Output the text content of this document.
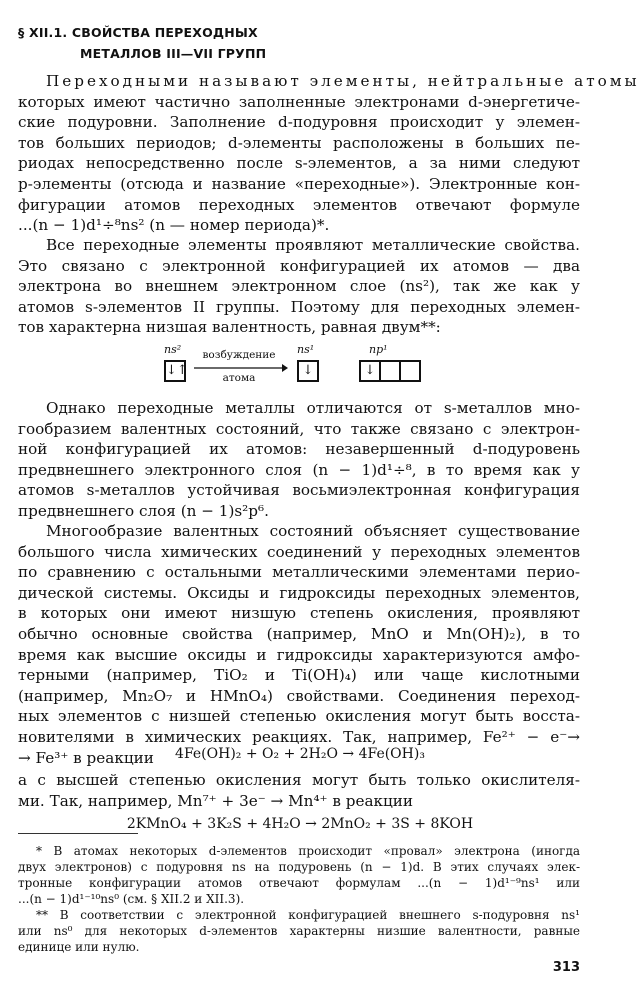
§ XII.1. СВОЙСТВА ПЕРЕХОДНЫХ
МЕТАЛЛОВ III—VII ГРУПП
Переходными называют элементы, нейтральные атомы
которых имеют частично заполненные электронами d-энергетиче-
ские подуровни. Заполнение d-подуровня происходит у элемен-
тов больших периодов; d-элементы расположены в больших пе-
риодах непосредственно после s-элементов, а за ними следуют
p-элементы (отсюда и название «переходные»). Электронные кон-
фигурации атомов переходных элементов отвечают формуле
...(n − 1)d¹÷⁸ns² (n — номер периода)*.
Все переходные элементы проявляют металлические свойства.
Это связано с электронной конфигурацией их атомов — два
электрона во внешнем электронном слое (ns²), так же как у
атомов s-элементов II группы. Поэтому для переходных элемен-
тов характерна низшая валентность, равная двум**:
ns²
↓↑
возбуждение
атома
ns¹
↓
np¹
↓
Однако переходные металлы отличаются от s-металлов мно-
гообразием валентных состояний, что также связано с электрон-
ной конфигурацией их атомов: незавершенный d-подуровень
предвнешнего электронного слоя (n − 1)d¹÷⁸, в то время как у
атомов s-металлов устойчивая восьмиэлектронная конфигурация
предвнешнего слоя (n − 1)s²p⁶.
Многообразие валентных состояний объясняет существование
большого числа химических соединений у переходных элементов
по сравнению с остальными металлическими элементами перио-
дической системы. Оксиды и гидроксиды переходных элементов,
в которых они имеют низшую степень окисления, проявляют
обычно основные свойства (например, MnO и Mn(OH)₂), в то
время как высшие оксиды и гидроксиды характеризуются амфо-
терными (например, TiO₂ и Ti(OH)₄) или чаще кислотными
(например, Mn₂O₇ и HMnO₄) свойствами. Соединения переход-
ных элементов с низшей степенью окисления могут быть восста-
новителями в химических реакциях. Так, например, Fe²⁺ − e⁻→
→ Fe³⁺ в реакции	4Fe(OH)₂ + O₂ + 2H₂O → 4Fe(OH)₃
а с высшей степенью окисления могут быть только окислителя-
ми. Так, например, Mn⁷⁺ + 3e⁻ → Mn⁴⁺ в реакции
2KMnO₄ + 3K₂S + 4H₂O → 2MnO₂ + 3S + 8KOH
* В атомах некоторых d-элементов происходит «провал» электрона (иногда
двух электронов) с подуровня ns на подуровень (n − 1)d. В этих случаях элек-
тронные конфигурации атомов отвечают формулам ...(n − 1)d¹⁻⁹ns¹ или
...(n − 1)d¹⁻¹⁰ns⁰ (см. § XII.2 и XII.3).
** В соответствии с электронной конфигурацией внешнего s-подуровня ns¹
или ns⁰ для некоторых d-элементов характерны низшие валентности, равные
единице или нулю.
313
